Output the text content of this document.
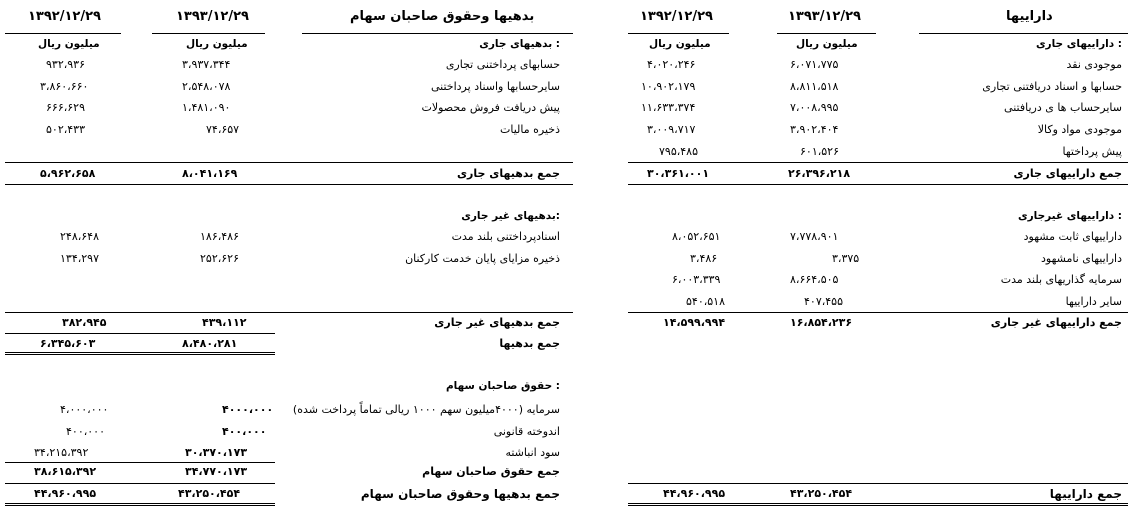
داراییها
۱۳۹۳/۱۲/۲۹
۱۳۹۲/۱۲/۲۹
بدهیها وحقوق صاحبان سهام
۱۳۹۳/۱۲/۲۹
۱۳۹۲/۱۲/۲۹
میلیون ریال
میلیون ریال
میلیون ریال
میلیون ریال	داراییهای جاری :
موجودی نقد
۶،۰۷۱،۷۷۵
۴،۰۲۰،۲۴۶
حسابها و اسناد دریافتنی تجاری
۸،۸۱۱،۵۱۸
۱۰،۹۰۲،۱۷۹
سایرحساب ها ی دریافتنی
۷،۰۰۸،۹۹۵
۱۱،۶۳۳،۳۷۴
موجودی مواد وکالا
۳،۹۰۲،۴۰۴
۳،۰۰۹،۷۱۷
پیش پرداختها
۶۰۱،۵۲۶
۷۹۵،۴۸۵
جمع داراییهای جاری
۲۶،۳۹۶،۲۱۸
۳۰،۳۶۱،۰۰۱
داراییهای غیرجاری :
داراییهای ثابت مشهود
۷،۷۷۸،۹۰۱
۸،۰۵۲،۶۵۱
داراییهای نامشهود
۳،۳۷۵
۳،۴۸۶
سرمایه گذاریهای بلند مدت
۸،۶۶۴،۵۰۵
۶،۰۰۳،۳۳۹
سایر داراییها
۴۰۷،۴۵۵
۵۴۰،۵۱۸
جمع داراییهای غیر جاری
۱۶،۸۵۴،۲۳۶
۱۴،۵۹۹،۹۹۴
جمع داراییها
۴۳،۲۵۰،۴۵۴
۴۴،۹۶۰،۹۹۵
بدهیهای جاری :
حسابهای پرداختنی تجاری
۳،۹۳۷،۳۴۴
۹۳۲،۹۳۶
سایرحسابها واسناد پرداختنی
۲،۵۴۸،۰۷۸
۳،۸۶۰،۶۶۰
پیش دریافت فروش محصولات
۱،۴۸۱،۰۹۰
۶۶۶،۶۲۹
ذخیره مالیات
۷۴،۶۵۷
۵۰۲،۴۳۳
جمع بدهیهای جاری
۸،۰۴۱،۱۶۹
۵،۹۶۲،۶۵۸
بدهیهای غیر جاری:
اسنادپرداختنی بلند مدت
۱۸۶،۴۸۶
۲۴۸،۶۴۸
ذخیره مزایای پایان خدمت کارکنان
۲۵۲،۶۲۶
۱۳۴،۲۹۷
جمع بدهیهای غیر جاری
۴۳۹،۱۱۲
۳۸۲،۹۴۵
جمع بدهیها
۸،۴۸۰،۲۸۱
۶،۳۴۵،۶۰۳
حقوق صاحبان سهام :
سرمایه (۴۰۰۰میلیون سهم ۱۰۰۰ ریالی تماماً پرداخت شده)
۴۰۰۰،۰۰۰
۴،۰۰۰،۰۰۰
اندوخته قانونی
۴۰۰،۰۰۰
۴۰۰،۰۰۰
سود انباشته
۳۰،۳۷۰،۱۷۳
۳۴،۲۱۵،۳۹۲
جمع حقوق صاحبان سهام
۳۴،۷۷۰،۱۷۳
۳۸،۶۱۵،۳۹۲
جمع بدهیها وحقوق صاحبان سهام
۴۳،۲۵۰،۴۵۴
۴۴،۹۶۰،۹۹۵
